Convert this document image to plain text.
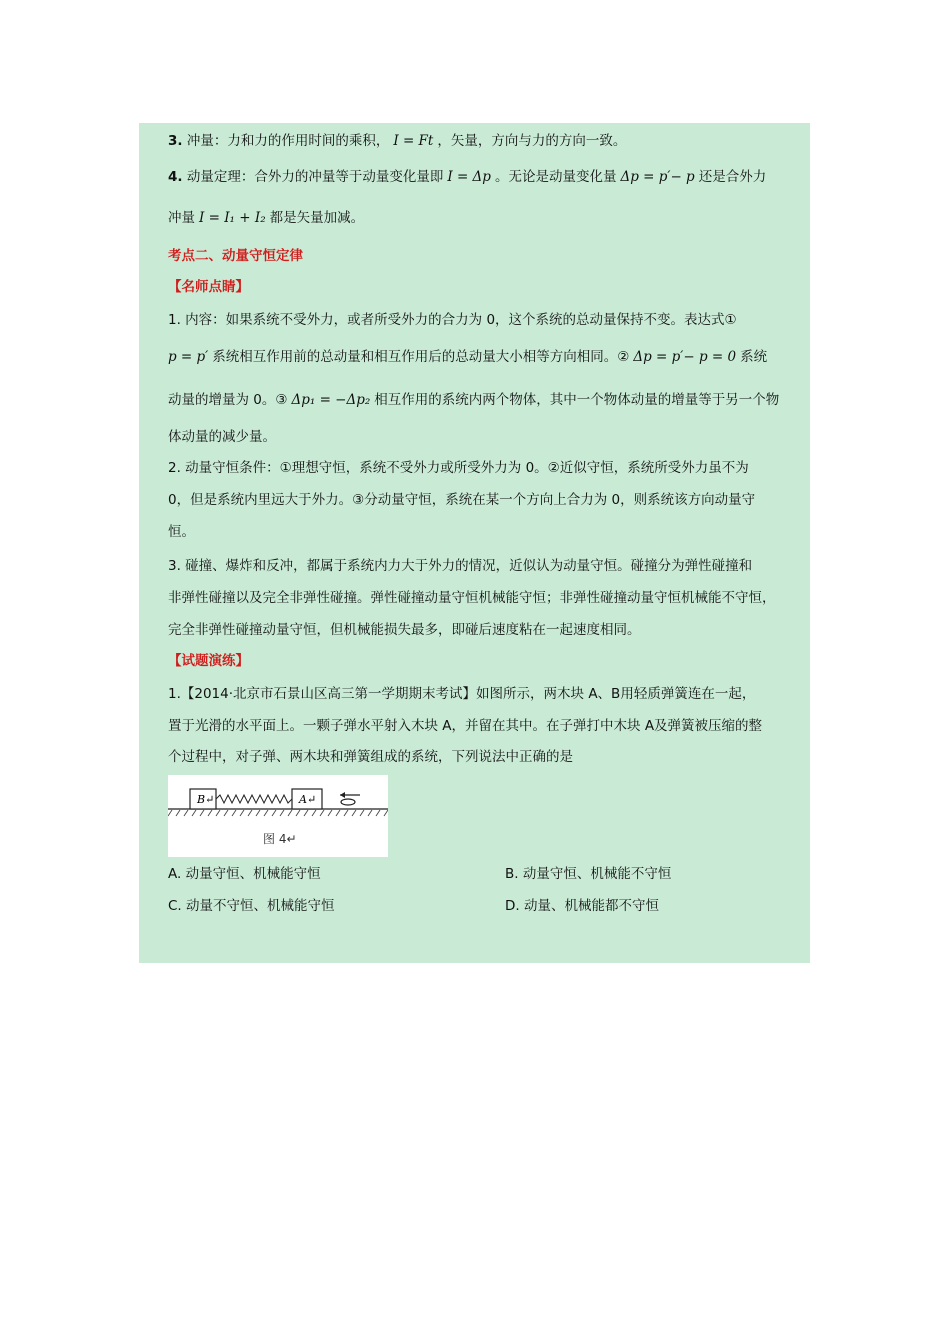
3. 冲量：力和力的作用时间的乘积， I = Ft ，矢量，方向与力的方向一致。
4. 动量定理：合外力的冲量等于动量变化量即 I = Δp 。无论是动量变化量 Δp = p′− p 还是合外力
冲量 I = I₁ + I₂ 都是矢量加减。
考点二、动量守恒定律
【名师点睛】
1. 内容：如果系统不受外力，或者所受外力的合力为 0，这个系统的总动量保持不变。表达式①
p = p′ 系统相互作用前的总动量和相互作用后的总动量大小相等方向相同。② Δp = p′− p = 0 系统
动量的增量为 0。③ Δp₁ = −Δp₂ 相互作用的系统内两个物体，其中一个物体动量的增量等于另一个物
体动量的减少量。
2. 动量守恒条件：①理想守恒，系统不受外力或所受外力为 0。②近似守恒，系统所受外力虽不为
0，但是系统内里远大于外力。③分动量守恒，系统在某一个方向上合力为 0，则系统该方向动量守
恒。
3. 碰撞、爆炸和反冲，都属于系统内力大于外力的情况，近似认为动量守恒。碰撞分为弹性碰撞和
非弹性碰撞以及完全非弹性碰撞。弹性碰撞动量守恒机械能守恒；非弹性碰撞动量守恒机械能不守恒，
完全非弹性碰撞动量守恒，但机械能损失最多，即碰后速度粘在一起速度相同。
【试题演练】
1.【2014·北京市石景山区高三第一学期期末考试】如图所示，两木块 A、B用轻质弹簧连在一起，
置于光滑的水平面上。一颗子弹水平射入木块 A，并留在其中。在子弹打中木块 A及弹簧被压缩的整
个过程中，对子弹、两木块和弹簧组成的系统，下列说法中正确的是
B↵	A↵
图 4↵
A. 动量守恒、机械能守恒	B. 动量守恒、机械能不守恒
C. 动量不守恒、机械能守恒	D. 动量、机械能都不守恒
